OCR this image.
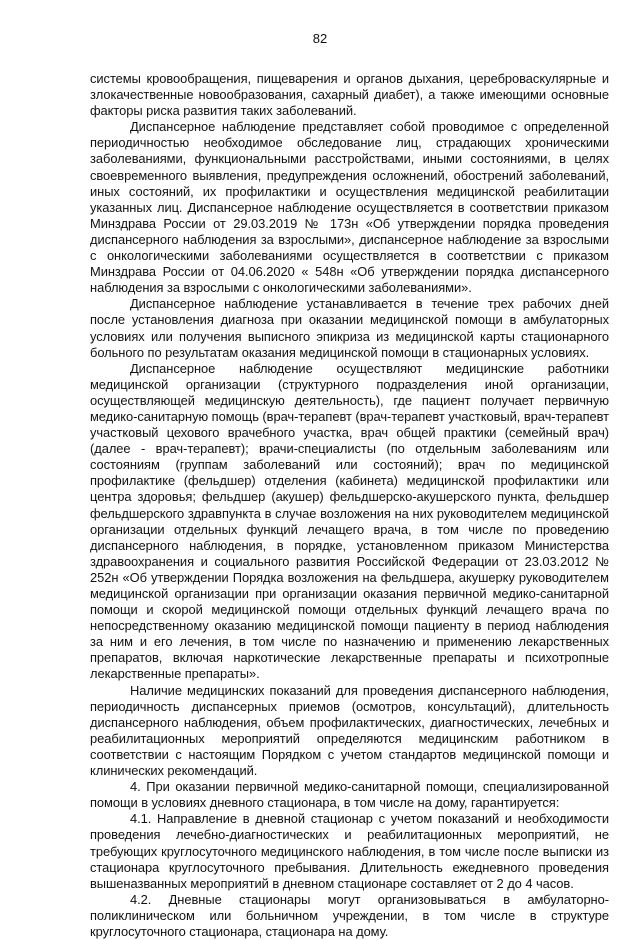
82

системы кровообращения, пищеварения и органов дыхания, цереброваскулярные и злокачественные новообразования, сахарный диабет), а также имеющими основные факторы риска развития таких заболеваний.

Диспансерное наблюдение представляет собой проводимое с определенной периодичностью необходимое обследование лиц, страдающих хроническими заболеваниями, функциональными расстройствами, иными состояниями, в целях своевременного выявления, предупреждения осложнений, обострений заболеваний, иных состояний, их профилактики и осуществления медицинской реабилитации указанных лиц. Диспансерное наблюдение осуществляется в соответствии приказом Минздрава России от 29.03.2019 № 173н «Об утверждении порядка проведения диспансерного наблюдения за взрослыми», диспансерное наблюдение за взрослыми с онкологическими заболеваниями осуществляется в соответствии с приказом Минздрава России от 04.06.2020 « 548н «Об утверждении порядка диспансерного наблюдения за взрослыми с онкологическими заболеваниями».

Диспансерное наблюдение устанавливается в течение трех рабочих дней после установления диагноза при оказании медицинской помощи в амбулаторных условиях или получения выписного эпикриза из медицинской карты стационарного больного по результатам оказания медицинской помощи в стационарных условиях.

Диспансерное наблюдение осуществляют медицинские работники медицинской организации (структурного подразделения иной организации, осуществляющей медицинскую деятельность), где пациент получает первичную медико-санитарную помощь (врач-терапевт (врач-терапевт участковый, врач-терапевт участковый цехового врачебного участка, врач общей практики (семейный врач) (далее - врач-терапевт); врачи-специалисты (по отдельным заболеваниям или состояниям (группам заболеваний или состояний); врач по медицинской профилактике (фельдшер) отделения (кабинета) медицинской профилактики или центра здоровья; фельдшер (акушер) фельдшерско-акушерского пункта, фельдшер фельдшерского здравпункта в случае возложения на них руководителем медицинской организации отдельных функций лечащего врача, в том числе по проведению диспансерного наблюдения, в порядке, установленном приказом Министерства здравоохранения и социального развития Российской Федерации от 23.03.2012 № 252н «Об утверждении Порядка возложения на фельдшера, акушерку руководителем медицинской организации при организации оказания первичной медико-санитарной помощи и скорой медицинской помощи отдельных функций лечащего врача по непосредственному оказанию медицинской помощи пациенту в период наблюдения за ним и его лечения, в том числе по назначению и применению лекарственных препаратов, включая наркотические лекарственные препараты и психотропные лекарственные препараты».

Наличие медицинских показаний для проведения диспансерного наблюдения, периодичность диспансерных приемов (осмотров, консультаций), длительность диспансерного наблюдения, объем профилактических, диагностических, лечебных и реабилитационных мероприятий определяются медицинским работником в соответствии с настоящим Порядком с учетом стандартов медицинской помощи и клинических рекомендаций.

4. При оказании первичной медико-санитарной помощи, специализированной помощи в условиях дневного стационара, в том числе на дому, гарантируется:

4.1. Направление в дневной стационар с учетом показаний и необходимости проведения лечебно-диагностических и реабилитационных мероприятий, не требующих круглосуточного медицинского наблюдения, в том числе после выписки из стационара круглосуточного пребывания. Длительность ежедневного проведения вышеназванных мероприятий в дневном стационаре составляет от 2 до 4 часов.

4.2. Дневные стационары могут организовываться в амбулаторно-поликлиническом или больничном учреждении, в том числе в структуре круглосуточного стационара, стационара на дому.
